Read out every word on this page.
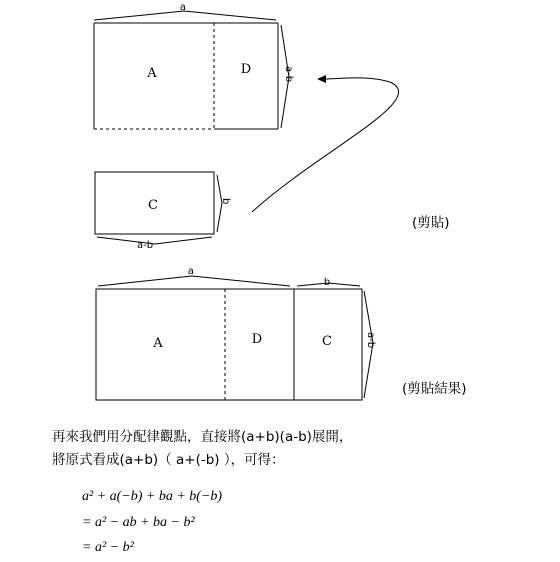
A	D
a
a-b
C	b
a-b
(剪貼)
A	D	C
a
b
a-b
(剪貼結果)
再來我們用分配律觀點，直接將(a+b)(a-b)展開，
將原式看成(a+b)（ a+(-b) ），可得：
a² + a(−b) + ba + b(−b)
= a² − ab + ba − b²
= a² − b²
